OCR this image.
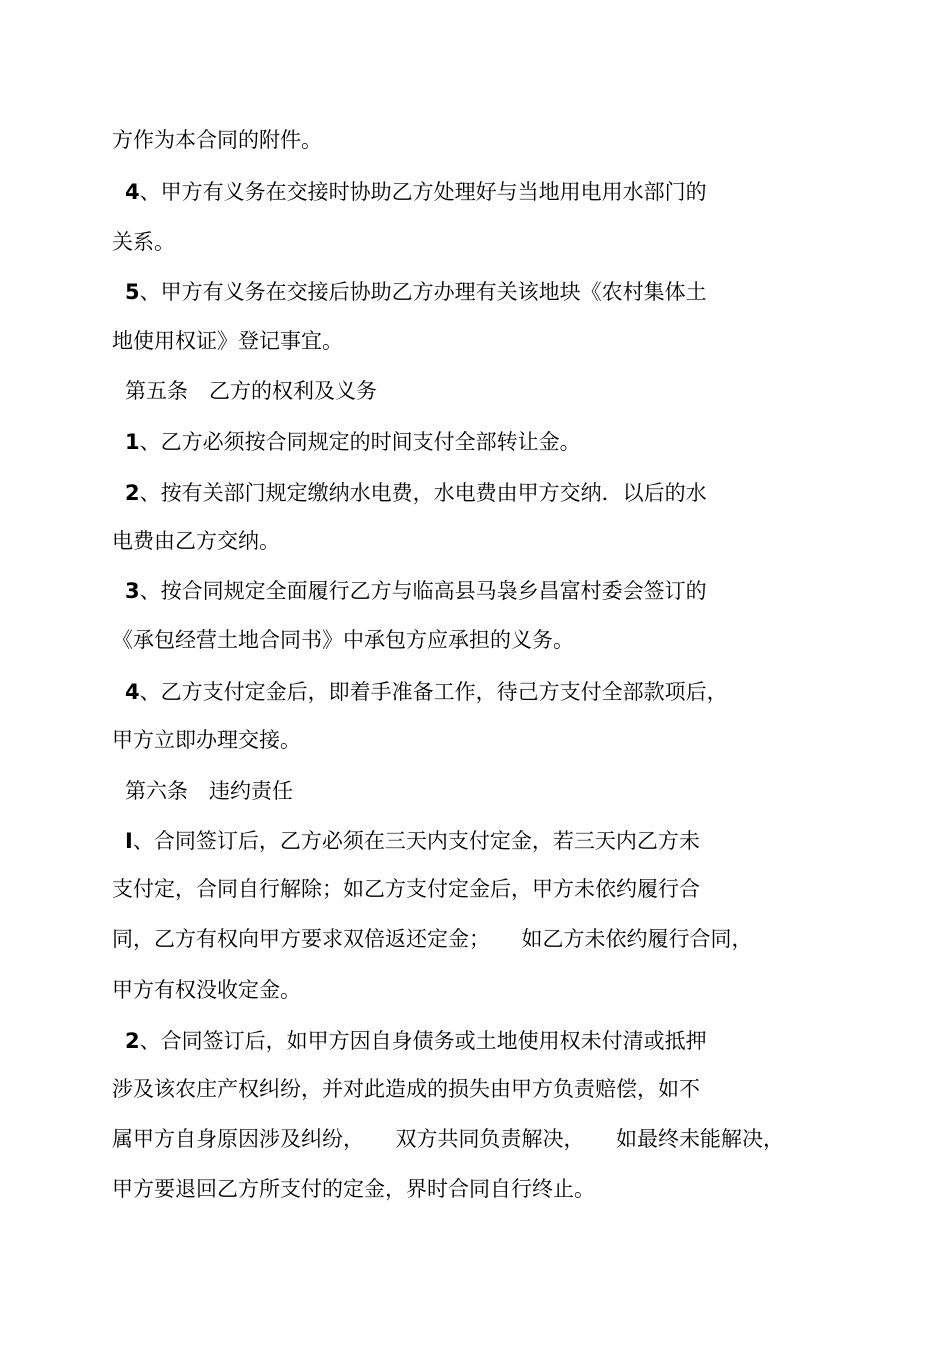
方作为本合同的附件。
4、甲方有义务在交接时协助乙方处理好与当地用电用水部门的
关系。
5、甲方有义务在交接后协助乙方办理有关该地块《农村集体土
地使用权证》登记事宜。
第五条　乙方的权利及义务
1、乙方必须按合同规定的时间支付全部转让金。
2、按有关部门规定缴纳水电费，水电费由甲方交纳．以后的水
电费由乙方交纳。
3、按合同规定全面履行乙方与临高县马袅乡昌富村委会签订的
《承包经营土地合同书》中承包方应承担的义务。
4、乙方支付定金后，即着手准备工作，待己方支付全部款项后，
甲方立即办理交接。
第六条　违约责任
I、合同签订后，乙方必须在三天内支付定金，若三天内乙方未
支付定，合同自行解除；如乙方支付定金后，甲方未依约履行合
同，乙方有权向甲方要求双倍返还定金；　　如乙方未依约履行合同，
甲方有权没收定金。
2、合同签订后，如甲方因自身债务或土地使用权未付清或抵押
涉及该农庄产权纠纷，并对此造成的损失由甲方负责赔偿，如不
属甲方自身原因涉及纠纷，　　双方共同负责解决，　　如最终未能解决，
甲方要退回乙方所支付的定金，界时合同自行终止。
